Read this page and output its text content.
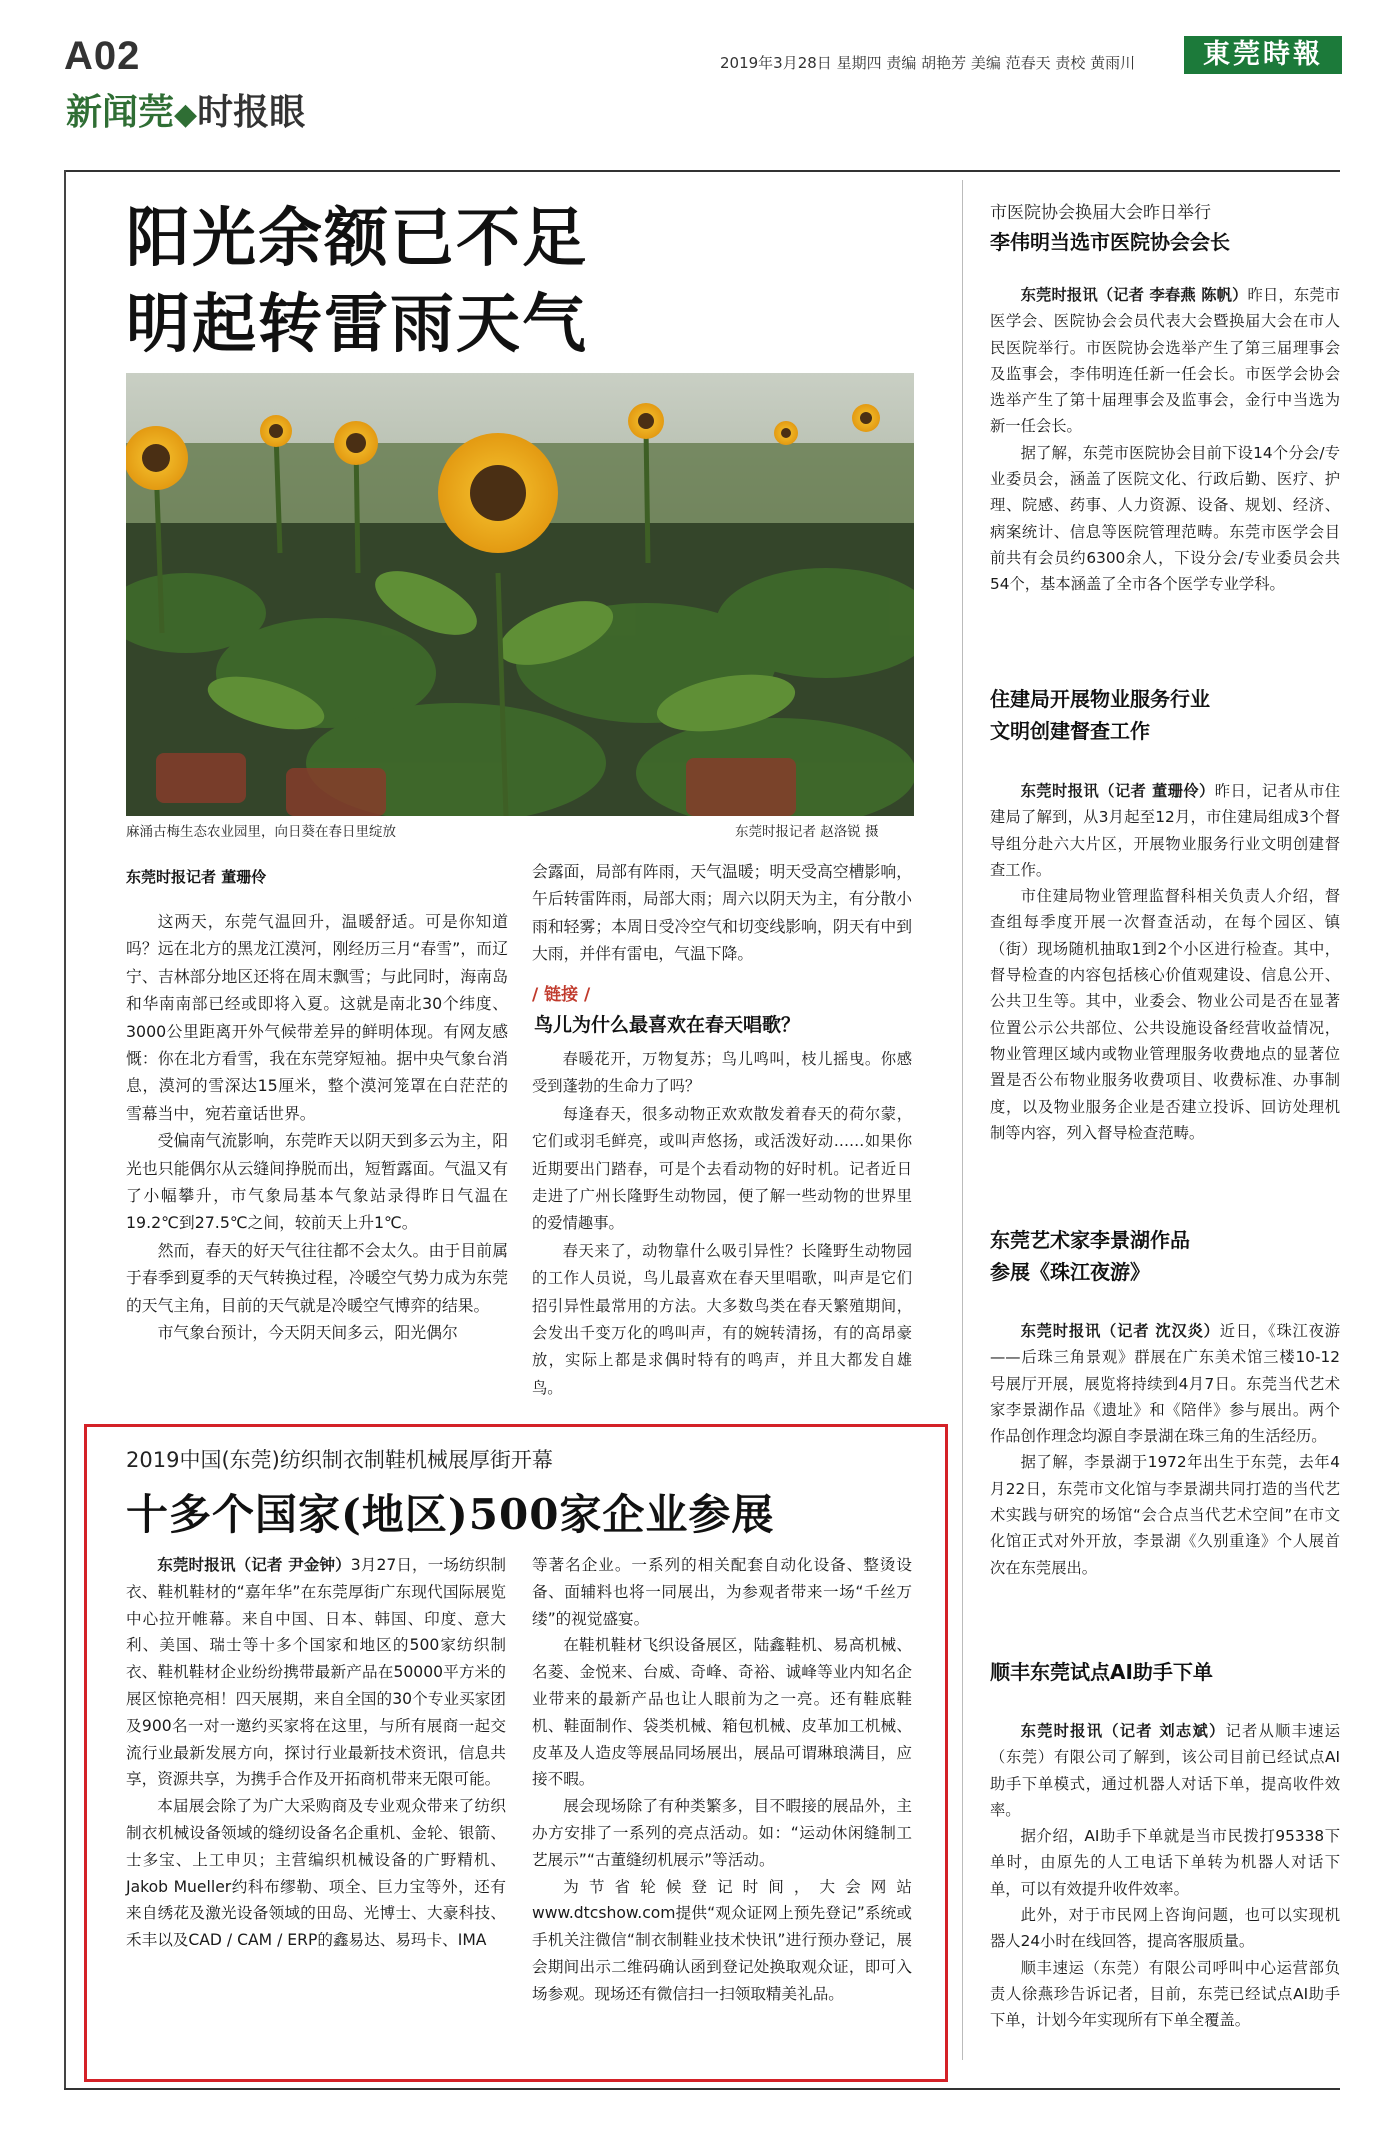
A02	2019年3月28日 星期四 责编 胡艳芳 美编 范春天 责校 黄雨川	東莞時報
新闻莞◆时报眼
阳光余额已不足
明起转雷雨天气
麻涌古梅生态农业园里，向日葵在春日里绽放	东莞时报记者 赵洛锐 摄
东莞时报记者 董珊伶

这两天，东莞气温回升，温暖舒适。可是你知道吗？远在北方的黑龙江漠河，刚经历三月“春雪”，而辽宁、吉林部分地区还将在周末飘雪；与此同时，海南岛和华南南部已经或即将入夏。这就是南北30个纬度、3000公里距离开外气候带差异的鲜明体现。有网友感慨：你在北方看雪，我在东莞穿短袖。据中央气象台消息，漠河的雪深达15厘米，整个漠河笼罩在白茫茫的雪幕当中，宛若童话世界。

受偏南气流影响，东莞昨天以阴天到多云为主，阳光也只能偶尔从云缝间挣脱而出，短暂露面。气温又有了小幅攀升，市气象局基本气象站录得昨日气温在19.2℃到27.5℃之间，较前天上升1℃。

然而，春天的好天气往往都不会太久。由于目前属于春季到夏季的天气转换过程，冷暖空气势力成为东莞的天气主角，目前的天气就是冷暖空气博弈的结果。

市气象台预计，今天阴天间多云，阳光偶尔

会露面，局部有阵雨，天气温暖；明天受高空槽影响，午后转雷阵雨，局部大雨；周六以阴天为主，有分散小雨和轻雾；本周日受冷空气和切变线影响，阴天有中到大雨，并伴有雷电，气温下降。

/ 链接 /
鸟儿为什么最喜欢在春天唱歌？

春暖花开，万物复苏；鸟儿鸣叫，枝儿摇曳。你感受到蓬勃的生命力了吗？

每逢春天，很多动物正欢欢散发着春天的荷尔蒙，它们或羽毛鲜亮，或叫声悠扬，或活泼好动……如果你近期要出门踏春，可是个去看动物的好时机。记者近日走进了广州长隆野生动物园，便了解一些动物的世界里的爱情趣事。

春天来了，动物靠什么吸引异性？长隆野生动物园的工作人员说，鸟儿最喜欢在春天里唱歌，叫声是它们招引异性最常用的方法。大多数鸟类在春天繁殖期间，会发出千变万化的鸣叫声，有的婉转清扬，有的高昂豪放，实际上都是求偶时特有的鸣声，并且大都发自雄鸟。

2019中国(东莞)纺织制衣制鞋机械展厚街开幕
十多个国家(地区)500家企业参展

东莞时报讯（记者 尹金钟）3月27日，一场纺织制衣、鞋机鞋材的“嘉年华”在东莞厚街广东现代国际展览中心拉开帷幕。来自中国、日本、韩国、印度、意大利、美国、瑞士等十多个国家和地区的500家纺织制衣、鞋机鞋材企业纷纷携带最新产品在50000平方米的展区惊艳亮相！四天展期，来自全国的30个专业买家团及900名一对一邀约买家将在这里，与所有展商一起交流行业最新发展方向，探讨行业最新技术资讯，信息共享，资源共享，为携手合作及开拓商机带来无限可能。

本届展会除了为广大采购商及专业观众带来了纺织制衣机械设备领域的缝纫设备名企重机、金轮、银箭、士多宝、上工申贝；主营编织机械设备的广野精机、Jakob Mueller约科布缪勒、项全、巨力宝等外，还有来自绣花及激光设备领域的田岛、光博士、大豪科技、禾丰以及CAD / CAM / ERP的鑫易达、易玛卡、IMA

等著名企业。一系列的相关配套自动化设备、整烫设备、面辅料也将一同展出，为参观者带来一场“千丝万缕”的视觉盛宴。

在鞋机鞋材飞织设备展区，陆鑫鞋机、易高机械、名菱、金悦来、台威、奇峰、奇裕、诚峰等业内知名企业带来的最新产品也让人眼前为之一亮。还有鞋底鞋机、鞋面制作、袋类机械、箱包机械、皮革加工机械、皮革及人造皮等展品同场展出，展品可谓琳琅满目，应接不暇。

展会现场除了有种类繁多，目不暇接的展品外，主办方安排了一系列的亮点活动。如：“运动休闲缝制工艺展示”“古董缝纫机展示”等活动。

为节省轮候登记时间，大会网站www.dtcshow.com提供“观众证网上预先登记”系统或手机关注微信“制衣制鞋业技术快讯”进行预办登记，展会期间出示二维码确认函到登记处换取观众证，即可入场参观。现场还有微信扫一扫领取精美礼品。

市医院协会换届大会昨日举行
李伟明当选市医院协会会长

东莞时报讯（记者 李春燕 陈帆）昨日，东莞市医学会、医院协会会员代表大会暨换届大会在市人民医院举行。市医院协会选举产生了第三届理事会及监事会，李伟明连任新一任会长。市医学会协会选举产生了第十届理事会及监事会，金行中当选为新一任会长。

据了解，东莞市医院协会目前下设14个分会/专业委员会，涵盖了医院文化、行政后勤、医疗、护理、院感、药事、人力资源、设备、规划、经济、病案统计、信息等医院管理范畴。东莞市医学会目前共有会员约6300余人，下设分会/专业委员会共54个，基本涵盖了全市各个医学专业学科。

住建局开展物业服务行业
文明创建督查工作

东莞时报讯（记者 董珊伶）昨日，记者从市住建局了解到，从3月起至12月，市住建局组成3个督导组分赴六大片区，开展物业服务行业文明创建督查工作。

市住建局物业管理监督科相关负责人介绍，督查组每季度开展一次督查活动，在每个园区、镇（街）现场随机抽取1到2个小区进行检查。其中，督导检查的内容包括核心价值观建设、信息公开、公共卫生等。其中，业委会、物业公司是否在显著位置公示公共部位、公共设施设备经营收益情况，物业管理区域内或物业管理服务收费地点的显著位置是否公布物业服务收费项目、收费标准、办事制度，以及物业服务企业是否建立投诉、回访处理机制等内容，列入督导检查范畴。

东莞艺术家李景湖作品
参展《珠江夜游》

东莞时报讯（记者 沈汉炎）近日，《珠江夜游——后珠三角景观》群展在广东美术馆三楼10-12号展厅开展，展览将持续到4月7日。东莞当代艺术家李景湖作品《遗址》和《陪伴》参与展出。两个作品创作理念均源自李景湖在珠三角的生活经历。

据了解，李景湖于1972年出生于东莞，去年4月22日，东莞市文化馆与李景湖共同打造的当代艺术实践与研究的场馆“会合点当代艺术空间”在市文化馆正式对外开放，李景湖《久别重逢》个人展首次在东莞展出。

顺丰东莞试点AI助手下单

东莞时报讯（记者 刘志斌）记者从顺丰速运（东莞）有限公司了解到，该公司目前已经试点AI助手下单模式，通过机器人对话下单，提高收件效率。

据介绍，AI助手下单就是当市民拨打95338下单时，由原先的人工电话下单转为机器人对话下单，可以有效提升收件效率。

此外，对于市民网上咨询问题，也可以实现机器人24小时在线回答，提高客服质量。

顺丰速运（东莞）有限公司呼叫中心运营部负责人徐燕珍告诉记者，目前，东莞已经试点AI助手下单，计划今年实现所有下单全覆盖。
